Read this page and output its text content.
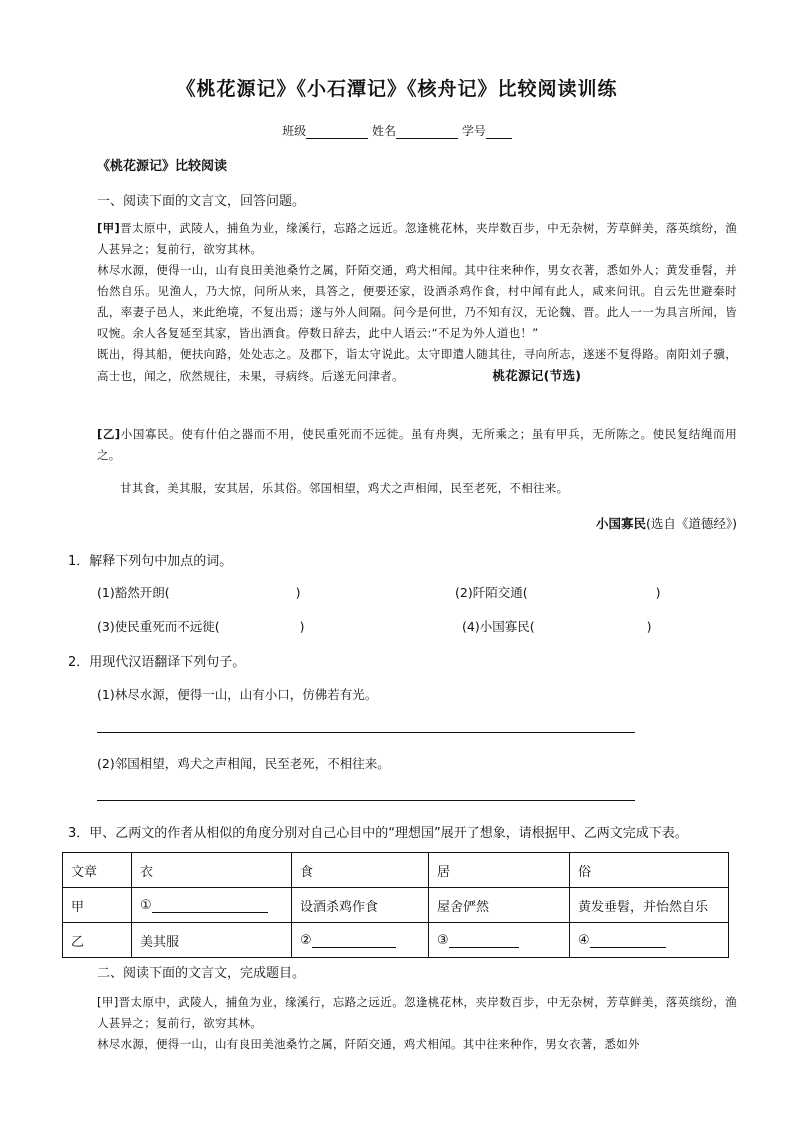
《桃花源记》《小石潭记》《核舟记》比较阅读训练
班级	姓名	学号
《桃花源记》比较阅读
一、阅读下面的文言文，回答问题。

[甲]晋太原中，武陵人，捕鱼为业，缘溪行，忘路之远近。忽逢桃花林，夹岸数百步，中无杂树，芳草鲜美，落英缤纷，渔人甚异之；复前行，欲穷其林。

林尽水源，便得一山，山有良田美池桑竹之属，阡陌交通，鸡犬相闻。其中往来种作，男女衣著，悉如外人；黄发垂髫，并怡然自乐。见渔人，乃大惊，问所从来，具答之，便要还家，设酒杀鸡作食，村中闻有此人，咸来问讯。自云先世避秦时乱，率妻子邑人，来此绝境，不复出焉；遂与外人间隔。问今是何世，乃不知有汉，无论魏、晋。此人一一为具言所闻，皆叹惋。余人各复延至其家，皆出酒食。停数日辞去，此中人语云:“不足为外人道也！”

既出，得其船，便扶向路，处处志之。及郡下，诣太守说此。太守即遣人随其往，寻向所志，遂迷不复得路。南阳刘子骥，高士也，闻之，欣然规往，未果，寻病终。后遂无问津者。　　　　　　　　	桃花源记(节选)

[乙]小国寡民。使有什伯之器而不用，使民重死而不远徙。虽有舟舆，无所乘之；虽有甲兵，无所陈之。使民复结绳而用之。

甘其食，美其服，安其居，乐其俗。邻国相望，鸡犬之声相闻，民至老死，不相往来。

小国寡民(选自《道德经》)
1．解释下列句中加点的词。
(1)豁然开朗(	)	(2)阡陌交通(	)
(3)使民重死而不远徙(	)	(4)小国寡民(	)
2．用现代汉语翻译下列句子。
(1)林尽水源，便得一山，山有小口，仿佛若有光。
(2)邻国相望，鸡犬之声相闻，民至老死，不相往来。
3．甲、乙两文的作者从相似的角度分别对自己心目中的“理想国”展开了想象，请根据甲、乙两文完成下表。
文章	衣	食	居	俗
甲	①	设酒杀鸡作食	屋舍俨然	黄发垂髫，并怡然自乐
乙	美其服	②	③	④
二、阅读下面的文言文，完成题目。

[甲]晋太原中，武陵人，捕鱼为业，缘溪行，忘路之远近。忽逢桃花林，夹岸数百步，中无杂树，芳草鲜美，落英缤纷，渔人甚异之；复前行，欲穷其林。

林尽水源，便得一山，山有良田美池桑竹之属，阡陌交通，鸡犬相闻。其中往来种作，男女衣著，悉如外
